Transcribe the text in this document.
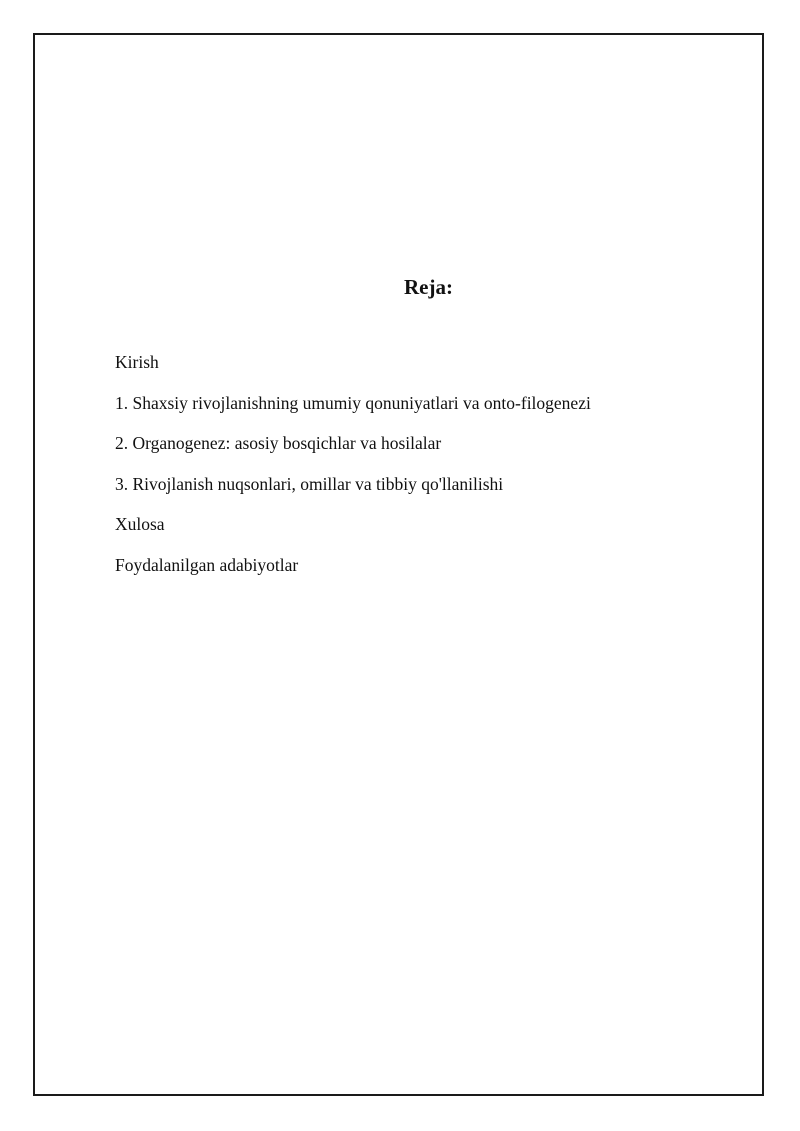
Reja:
Kirish
1. Shaxsiy rivojlanishning umumiy qonuniyatlari va onto-filogenezi
2. Organogenez: asosiy bosqichlar va hosilalar
3. Rivojlanish nuqsonlari, omillar va tibbiy qo'llanilishi
Xulosa
Foydalanilgan adabiyotlar
